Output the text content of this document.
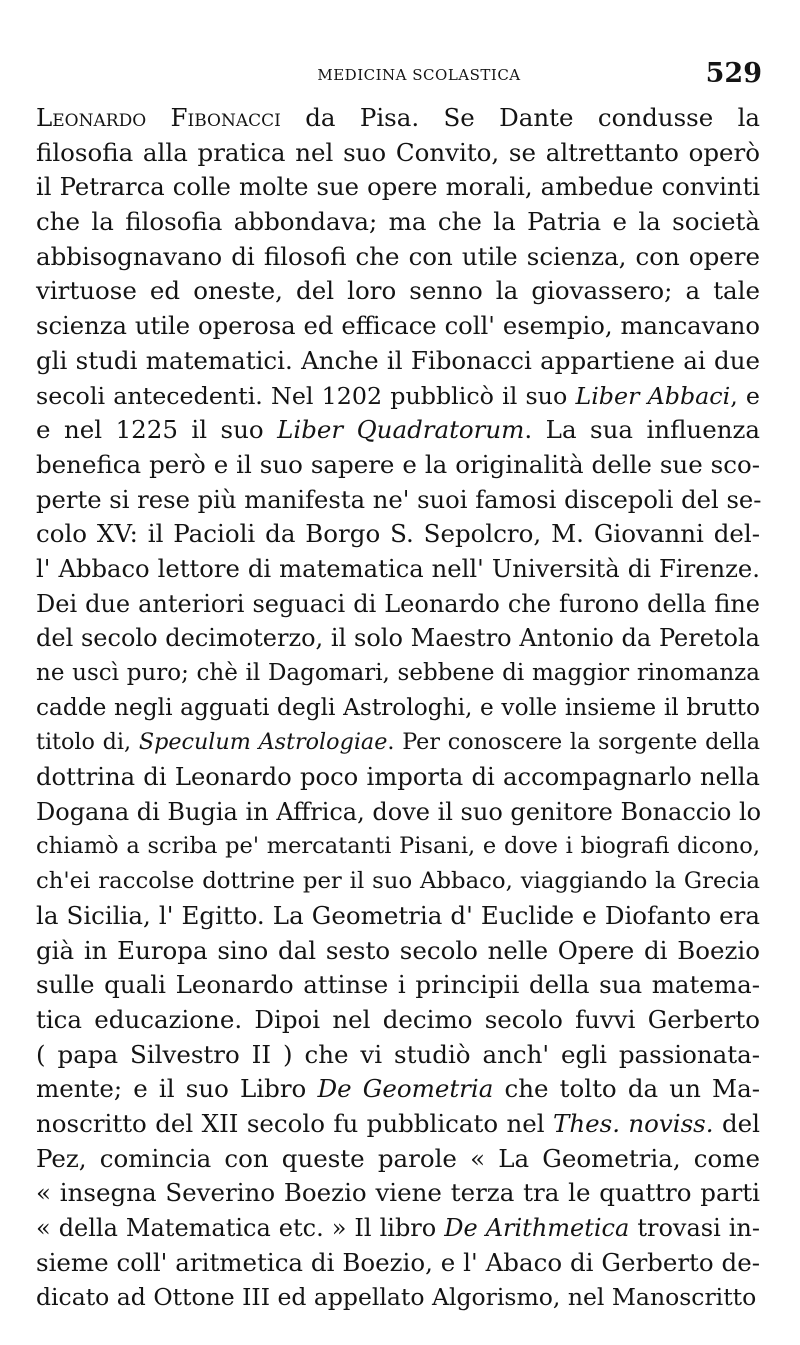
MEDICINA SCOLASTICA	529
Leonardo Fibonacci da Pisa. Se Dante condusse la
filosofia alla pratica nel suo Convito, se altrettanto operò
il Petrarca colle molte sue opere morali, ambedue convinti
che la filosofia abbondava; ma che la Patria e la società
abbisognavano di filosofi che con utile scienza, con opere
virtuose ed oneste, del loro senno la giovassero; a tale
scienza utile operosa ed efficace coll' esempio, mancavano
gli studi matematici. Anche il Fibonacci appartiene ai due
secoli antecedenti. Nel 1202 pubblicò il suo Liber Abbaci, e
e nel 1225 il suo Liber Quadratorum. La sua influenza
benefica però e il suo sapere e la originalità delle sue sco-
perte si rese più manifesta ne' suoi famosi discepoli del se-
colo XV: il Pacioli da Borgo S. Sepolcro, M. Giovanni del-
l' Abbaco lettore di matematica nell' Università di Firenze.
Dei due anteriori seguaci di Leonardo che furono della fine
del secolo decimoterzo, il solo Maestro Antonio da Peretola
ne uscì puro; chè il Dagomari, sebbene di maggior rinomanza
cadde negli agguati degli Astrologhi, e volle insieme il brutto
titolo di, Speculum Astrologiae. Per conoscere la sorgente della
dottrina di Leonardo poco importa di accompagnarlo nella
Dogana di Bugia in Affrica, dove il suo genitore Bonaccio lo
chiamò a scriba pe' mercatanti Pisani, e dove i biografi dicono,
ch'ei raccolse dottrine per il suo Abbaco, viaggiando la Grecia
la Sicilia, l' Egitto. La Geometria d' Euclide e Diofanto era
già in Europa sino dal sesto secolo nelle Opere di Boezio
sulle quali Leonardo attinse i principii della sua matema-
tica educazione. Dipoi nel decimo secolo fuvvi Gerberto
( papa Silvestro II ) che vi studiò anch' egli passionata-
mente; e il suo Libro De Geometria che tolto da un Ma-
noscritto del XII secolo fu pubblicato nel Thes. noviss. del
Pez, comincia con queste parole « La Geometria, come
« insegna Severino Boezio viene terza tra le quattro parti
« della Matematica etc. » Il libro De Arithmetica trovasi in-
sieme coll' aritmetica di Boezio, e l' Abaco di Gerberto de-
dicato ad Ottone III ed appellato Algorismo, nel Manoscritto
